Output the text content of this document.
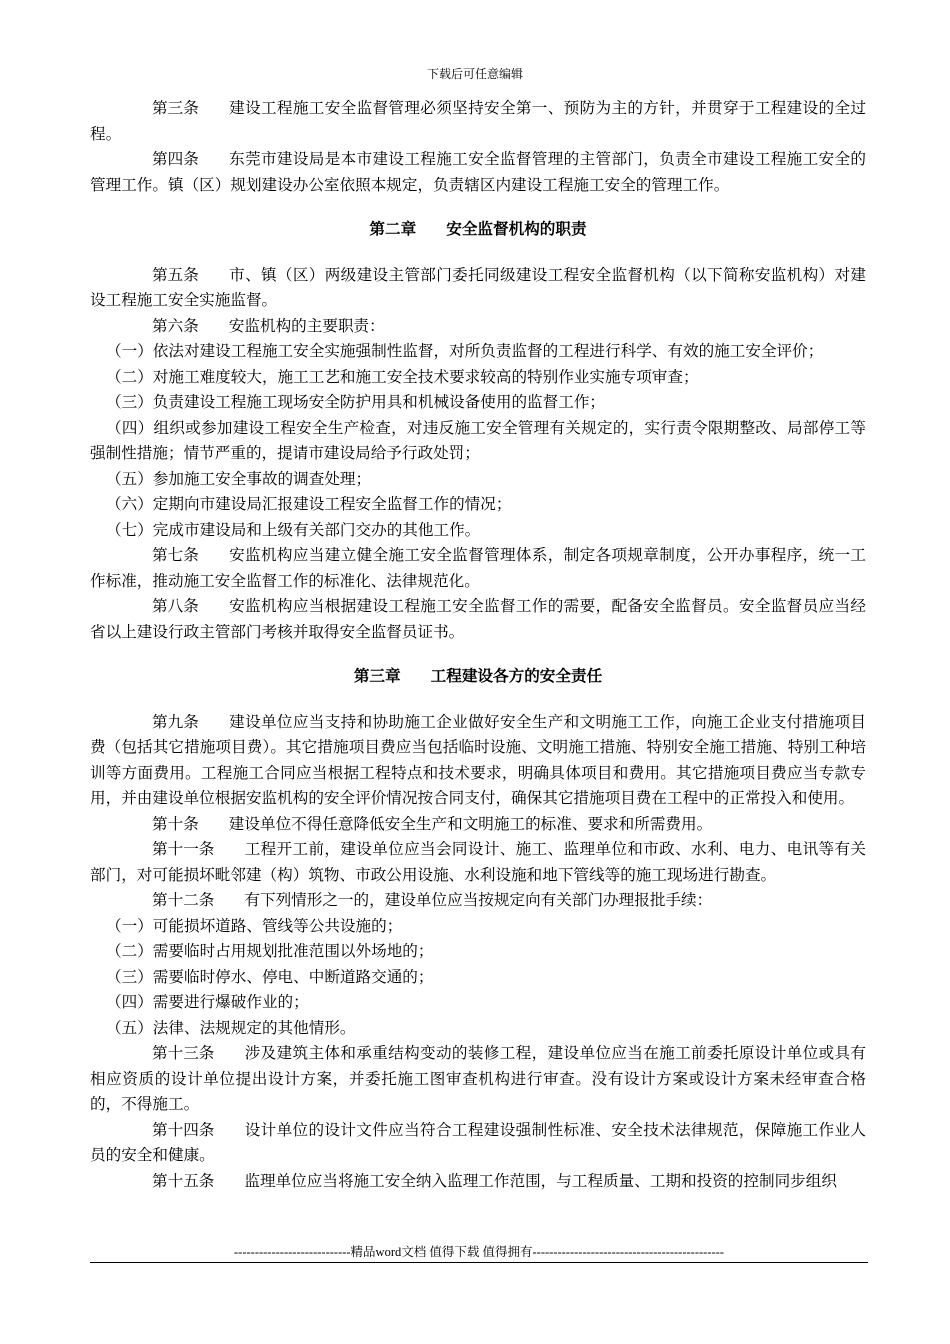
下载后可任意编辑

第三条 建设工程施工安全监督管理必须坚持安全第一、预防为主的方针，并贯穿于工程建设的全过程。

第四条 东莞市建设局是本市建设工程施工安全监督管理的主管部门，负责全市建设工程施工安全的管理工作。镇（区）规划建设办公室依照本规定，负责辖区内建设工程施工安全的管理工作。

第二章 安全监督机构的职责

第五条 市、镇（区）两级建设主管部门委托同级建设工程安全监督机构（以下简称安监机构）对建设工程施工安全实施监督。

第六条 安监机构的主要职责：

（一）依法对建设工程施工安全实施强制性监督，对所负责监督的工程进行科学、有效的施工安全评价；

（二）对施工难度较大，施工工艺和施工安全技术要求较高的特别作业实施专项审查；

（三）负责建设工程施工现场安全防护用具和机械设备使用的监督工作；

（四）组织或参加建设工程安全生产检查，对违反施工安全管理有关规定的，实行责令限期整改、局部停工等强制性措施；情节严重的，提请市建设局给予行政处罚；

（五）参加施工安全事故的调查处理；

（六）定期向市建设局汇报建设工程安全监督工作的情况；

（七）完成市建设局和上级有关部门交办的其他工作。

第七条 安监机构应当建立健全施工安全监督管理体系，制定各项规章制度，公开办事程序，统一工作标准，推动施工安全监督工作的标准化、法律规范化。

第八条 安监机构应当根据建设工程施工安全监督工作的需要，配备安全监督员。安全监督员应当经省以上建设行政主管部门考核并取得安全监督员证书。

第三章 工程建设各方的安全责任

第九条 建设单位应当支持和协助施工企业做好安全生产和文明施工工作，向施工企业支付措施项目费（包括其它措施项目费）。其它措施项目费应当包括临时设施、文明施工措施、特别安全施工措施、特别工种培训等方面费用。工程施工合同应当根据工程特点和技术要求，明确具体项目和费用。其它措施项目费应当专款专用，并由建设单位根据安监机构的安全评价情况按合同支付，确保其它措施项目费在工程中的正常投入和使用。

第十条 建设单位不得任意降低安全生产和文明施工的标准、要求和所需费用。

第十一条 工程开工前，建设单位应当会同设计、施工、监理单位和市政、水利、电力、电讯等有关部门，对可能损坏毗邻建（构）筑物、市政公用设施、水利设施和地下管线等的施工现场进行勘查。

第十二条 有下列情形之一的，建设单位应当按规定向有关部门办理报批手续：

（一）可能损坏道路、管线等公共设施的；

（二）需要临时占用规划批准范围以外场地的；

（三）需要临时停水、停电、中断道路交通的；

（四）需要进行爆破作业的；

（五）法律、法规规定的其他情形。

第十三条 涉及建筑主体和承重结构变动的装修工程，建设单位应当在施工前委托原设计单位或具有相应资质的设计单位提出设计方案，并委托施工图审查机构进行审查。没有设计方案或设计方案未经审查合格的，不得施工。

第十四条 设计单位的设计文件应当符合工程建设强制性标准、安全技术法律规范，保障施工作业人员的安全和健康。

第十五条 监理单位应当将施工安全纳入监理工作范围，与工程质量、工期和投资的控制同步组织

----------------------------精品word文档 值得下载 值得拥有----------------------------------------------
